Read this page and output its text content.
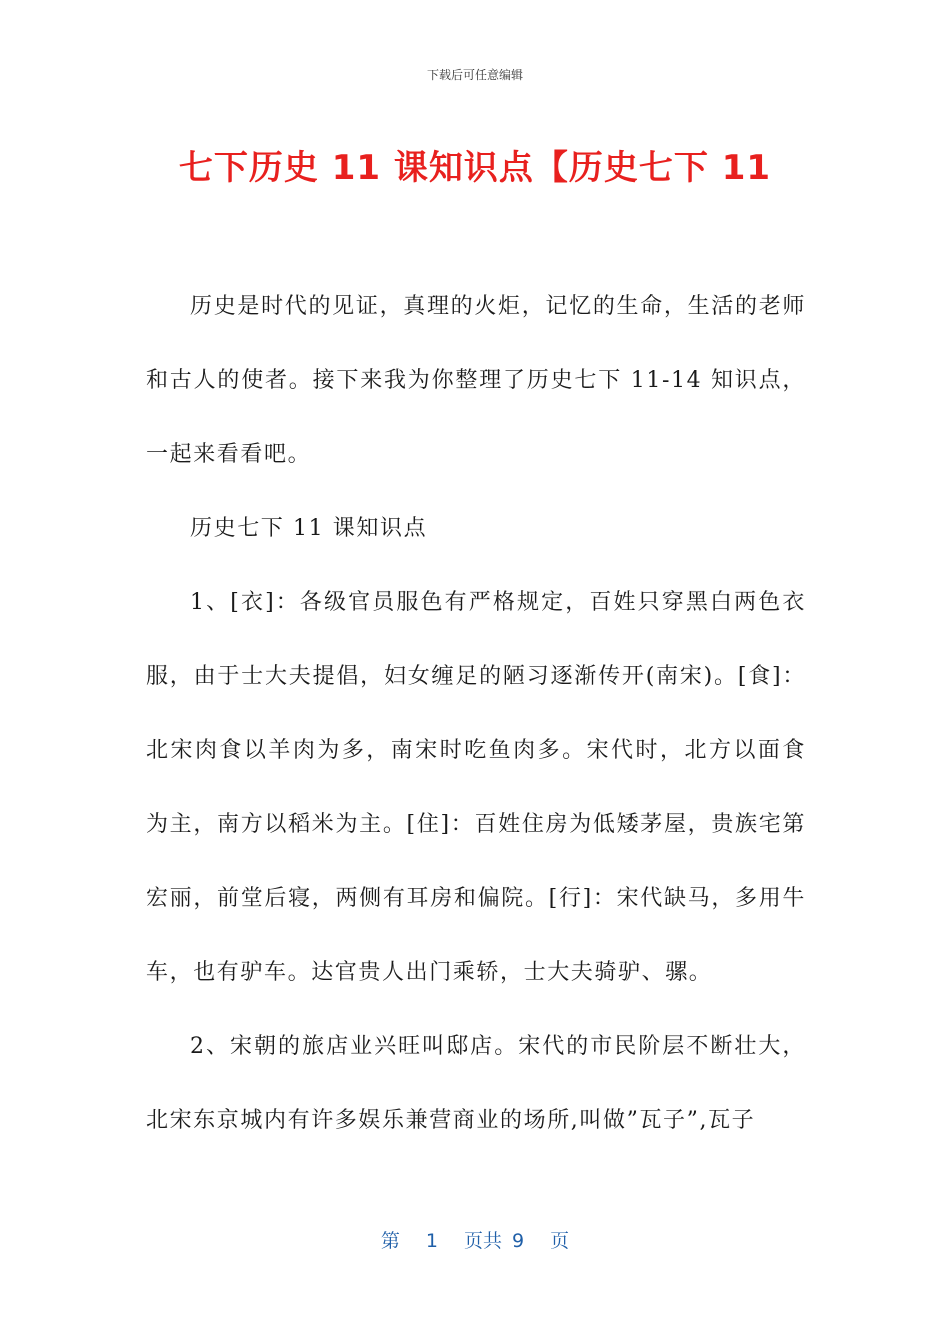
下载后可任意编辑
七下历史 11 课知识点【历史七下 11

历史是时代的见证，真理的火炬，记忆的生命，生活的老师和古人的使者。接下来我为你整理了历史七下 11-14 知识点，一起来看看吧。

历史七下 11 课知识点

1、[衣]：各级官员服色有严格规定，百姓只穿黑白两色衣服，由于士大夫提倡，妇女缠足的陋习逐渐传开(南宋)。[食]：北宋肉食以羊肉为多，南宋时吃鱼肉多。宋代时，北方以面食为主，南方以稻米为主。[住]：百姓住房为低矮茅屋，贵族宅第宏丽，前堂后寝，两侧有耳房和偏院。[行]：宋代缺马，多用牛车，也有驴车。达官贵人出门乘轿，士大夫骑驴、骡。

2、宋朝的旅店业兴旺叫邸店。宋代的市民阶层不断壮大，北宋东京城内有许多娱乐兼营商业的场所,叫做”瓦子”,瓦子

第 1 页共 9 页
